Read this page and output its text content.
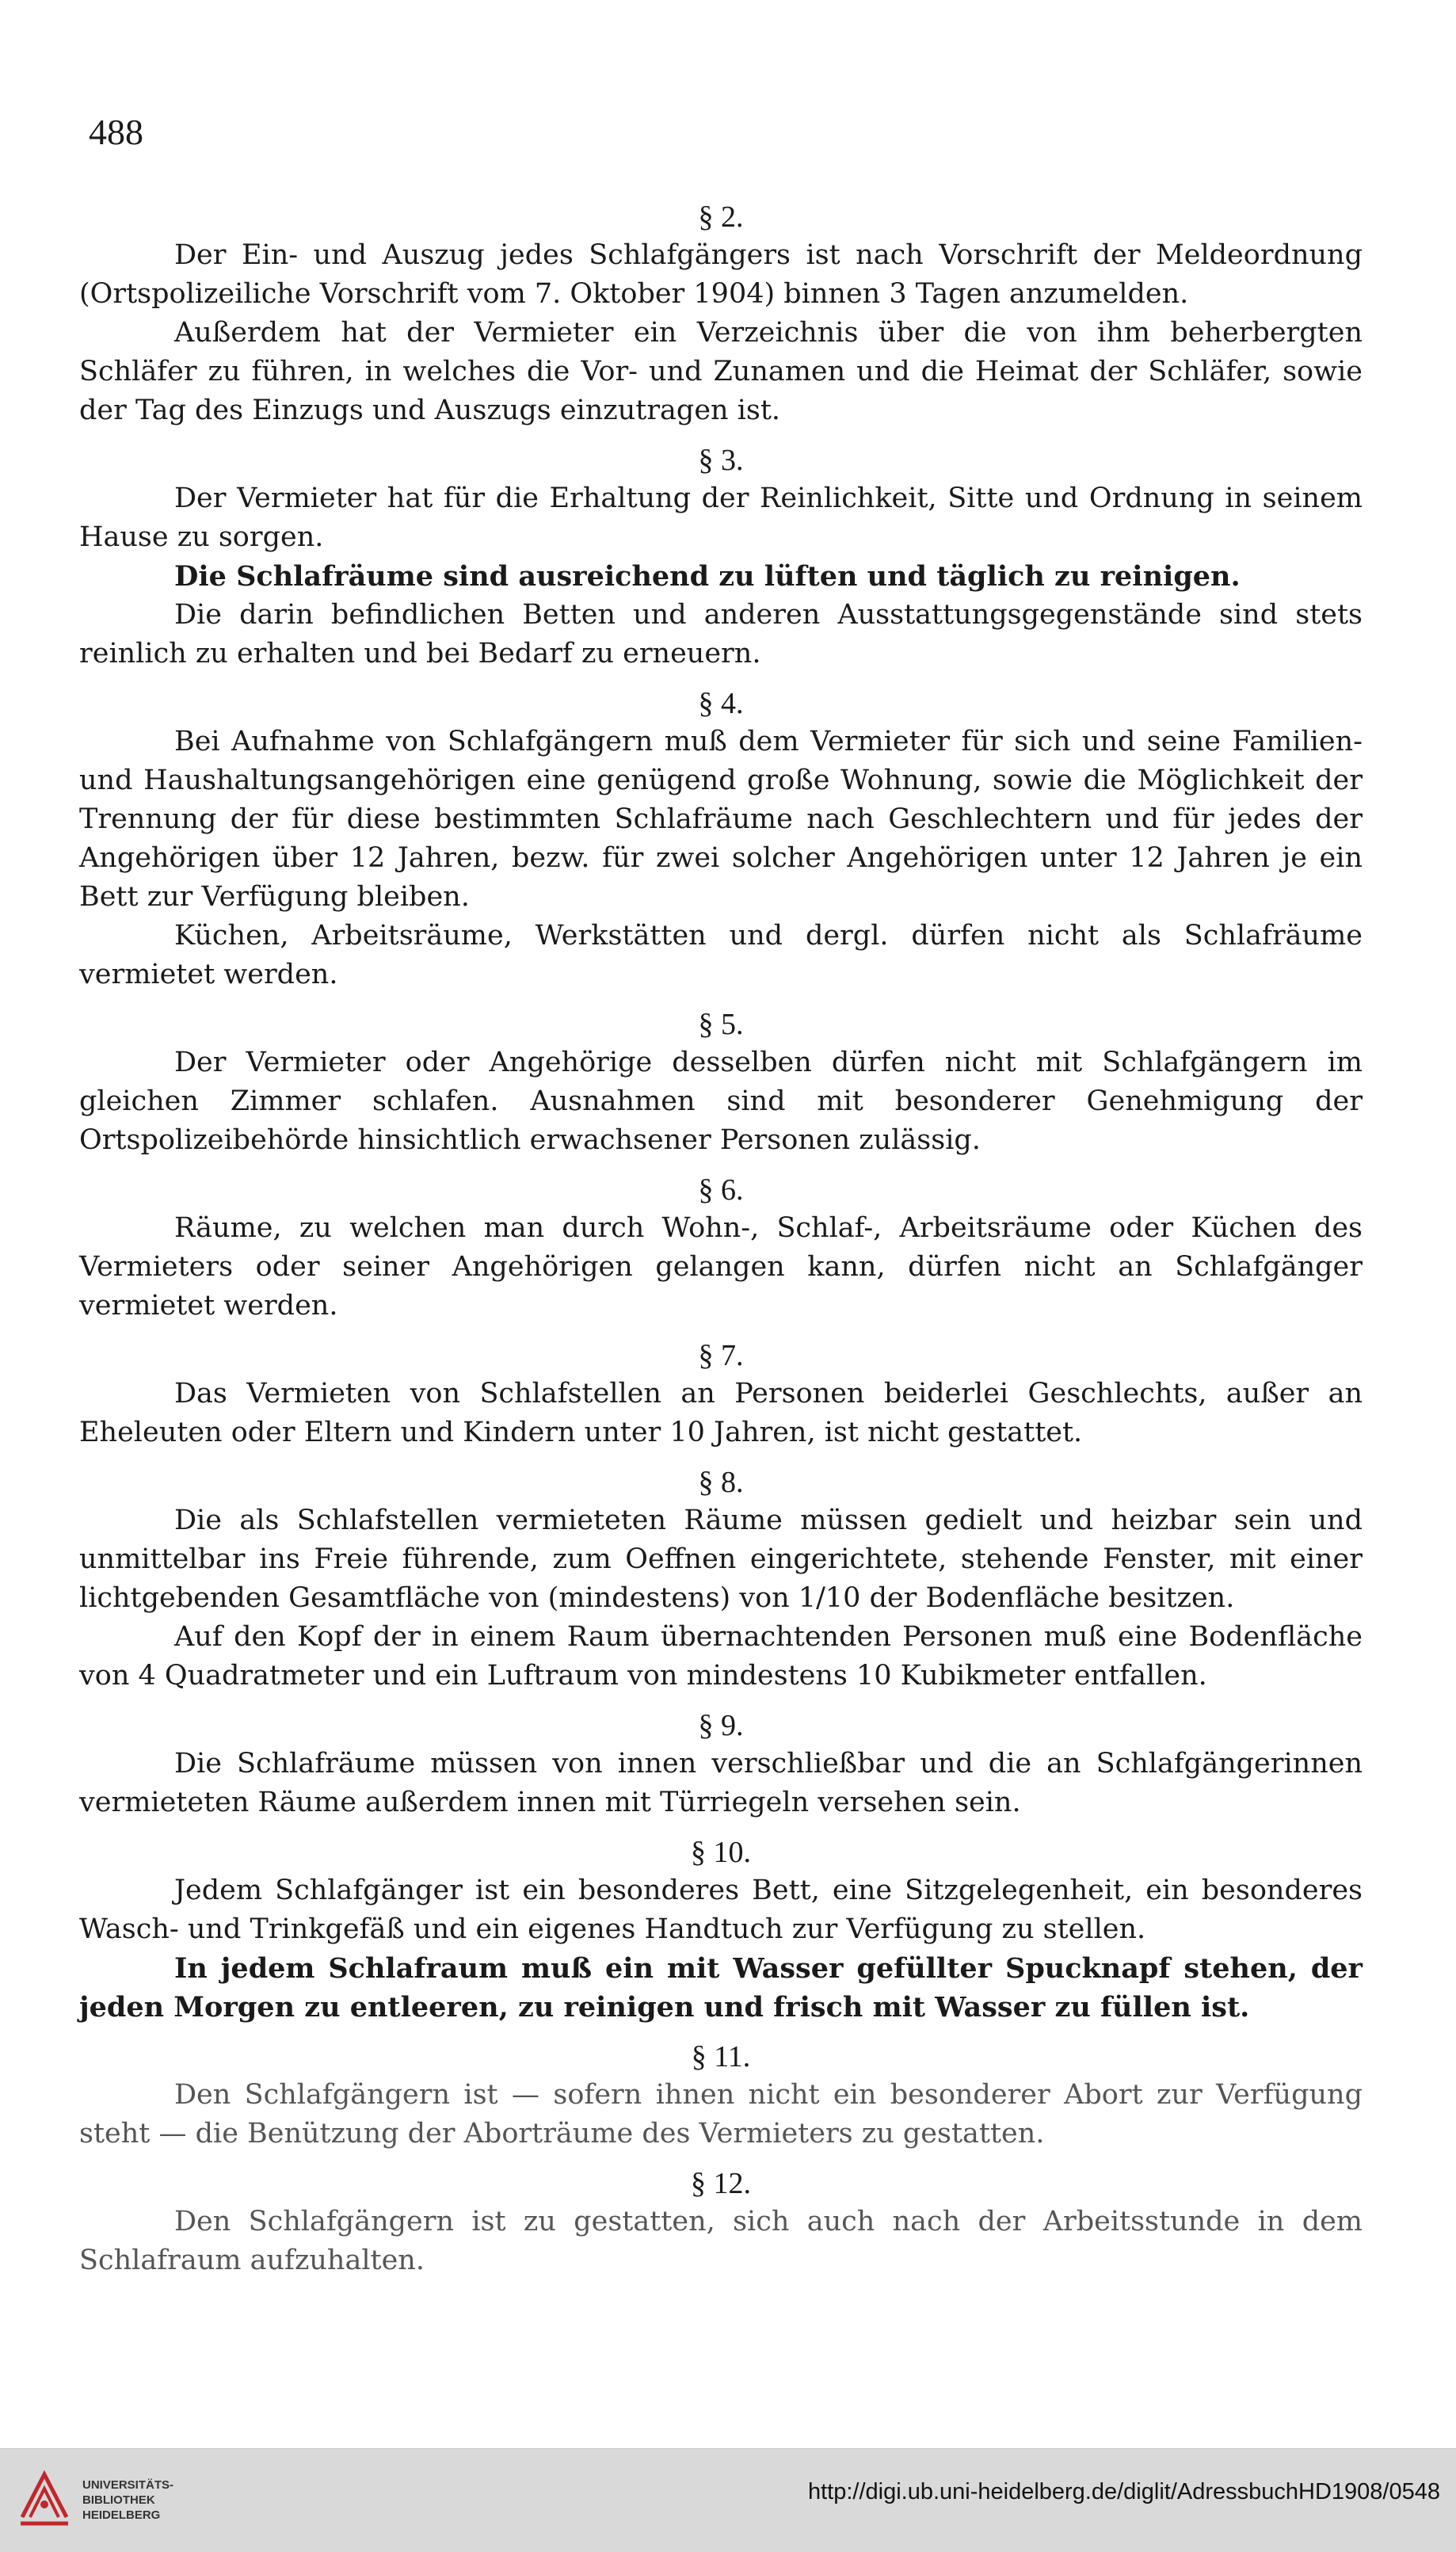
488

§ 2.

Der Ein- und Auszug jedes Schlafgängers ist nach Vorschrift der Meldeordnung (Ortspolizeiliche Vorschrift vom 7. Oktober 1904) binnen 3 Tagen anzumelden.

Außerdem hat der Vermieter ein Verzeichnis über die von ihm beherbergten Schläfer zu führen, in welches die Vor- und Zunamen und die Heimat der Schläfer, sowie der Tag des Einzugs und Auszugs einzutragen ist.

§ 3.

Der Vermieter hat für die Erhaltung der Reinlichkeit, Sitte und Ordnung in seinem Hause zu sorgen.

Die Schlafräume sind ausreichend zu lüften und täglich zu reinigen.

Die darin befindlichen Betten und anderen Ausstattungsgegenstände sind stets reinlich zu erhalten und bei Bedarf zu erneuern.

§ 4.

Bei Aufnahme von Schlafgängern muß dem Vermieter für sich und seine Familien- und Haushaltungsangehörigen eine genügend große Wohnung, sowie die Möglichkeit der Trennung der für diese bestimmten Schlafräume nach Geschlechtern und für jedes der Angehörigen über 12 Jahren, bezw. für zwei solcher Angehörigen unter 12 Jahren je ein Bett zur Verfügung bleiben.

Küchen, Arbeitsräume, Werkstätten und dergl. dürfen nicht als Schlafräume vermietet werden.

§ 5.

Der Vermieter oder Angehörige desselben dürfen nicht mit Schlafgängern im gleichen Zimmer schlafen. Ausnahmen sind mit besonderer Genehmigung der Ortspolizeibehörde hinsichtlich erwachsener Personen zulässig.

§ 6.

Räume, zu welchen man durch Wohn-, Schlaf-, Arbeitsräume oder Küchen des Vermieters oder seiner Angehörigen gelangen kann, dürfen nicht an Schlafgänger vermietet werden.

§ 7.

Das Vermieten von Schlafstellen an Personen beiderlei Geschlechts, außer an Eheleuten oder Eltern und Kindern unter 10 Jahren, ist nicht gestattet.

§ 8.

Die als Schlafstellen vermieteten Räume müssen gedielt und heizbar sein und unmittelbar ins Freie führende, zum Oeffnen eingerichtete, stehende Fenster, mit einer lichtgebenden Gesamtfläche von (mindestens) von 1/10 der Bodenfläche besitzen.

Auf den Kopf der in einem Raum übernachtenden Personen muß eine Bodenfläche von 4 Quadratmeter und ein Luftraum von mindestens 10 Kubikmeter entfallen.

§ 9.

Die Schlafräume müssen von innen verschließbar und die an Schlafgängerinnen vermieteten Räume außerdem innen mit Türriegeln versehen sein.

§ 10.

Jedem Schlafgänger ist ein besonderes Bett, eine Sitzgelegenheit, ein besonderes Wasch- und Trinkgefäß und ein eigenes Handtuch zur Verfügung zu stellen.

In jedem Schlafraum muß ein mit Wasser gefüllter Spucknapf stehen, der jeden Morgen zu entleeren, zu reinigen und frisch mit Wasser zu füllen ist.

§ 11.

Den Schlafgängern ist — sofern ihnen nicht ein besonderer Abort zur Verfügung steht — die Benützung der Aborträume des Vermieters zu gestatten.

§ 12.

Den Schlafgängern ist zu gestatten, sich auch nach der Arbeitsstunde in dem Schlafraum aufzuhalten.

UNIVERSITÄTS-
BIBLIOTHEK
HEIDELBERG
http://digi.ub.uni-heidelberg.de/diglit/AdressbuchHD1908/0548
